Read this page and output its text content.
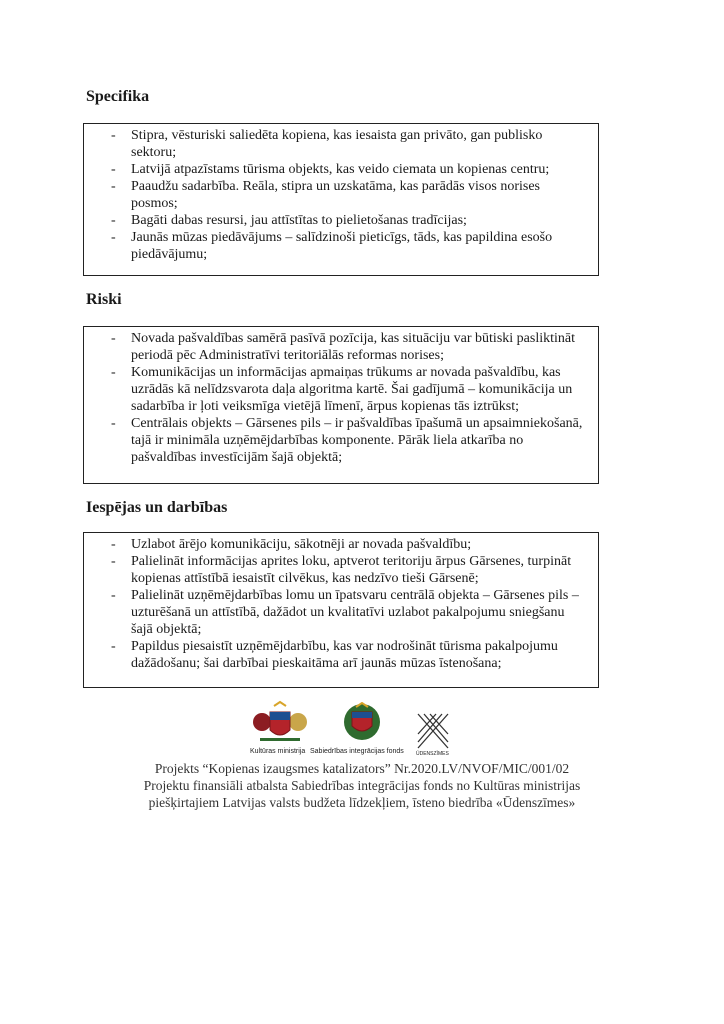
Specifika
- Stipra, vēsturiski saliedēta kopiena, kas iesaista gan privāto, gan publisko sektoru;
- Latvijā atpazīstams tūrisma objekts, kas veido ciemata un kopienas centru;
- Paaudžu sadarbība. Reāla, stipra un uzskatāma, kas parādās visos norises posmos;
- Bagāti dabas resursi, jau attīstītas to pielietošanas tradīcijas;
- Jaunās mūzas piedāvājums – salīdzinoši pieticīgs, tāds, kas papildina esošo piedāvājumu;
Riski
- Novada pašvaldības samērā pasīvā pozīcija, kas situāciju var būtiski pasliktināt periodā pēc Administratīvi teritoriālās reformas norises;
- Komunikācijas un informācijas apmaiņas trūkums ar novada pašvaldību, kas uzrādās kā nelīdzsvarota daļa algoritma kartē. Šai gadījumā – komunikācija un sadarbība ir ļoti veiksmīga vietējā līmenī, ārpus kopienas tās iztrūkst;
- Centrālais objekts – Gārsenes pils – ir pašvaldības īpašumā un apsaimniekošanā, tajā ir minimāla uzņēmējdarbības komponente. Pārāk liela atkarība no pašvaldības investīcijām šajā objektā;
Iespējas un darbības
- Uzlabot ārējo komunikāciju, sākotnēji ar novada pašvaldību;
- Palielināt informācijas aprites loku, aptverot teritoriju ārpus Gārsenes, turpināt kopienas attīstībā iesaistīt cilvēkus, kas nedzīvo tieši Gārsenē;
- Palielināt uzņēmējdarbības lomu un īpatsvaru centrālā objekta – Gārsenes pils – uzturēšanā un attīstībā, dažādot un kvalitatīvi uzlabot pakalpojumu sniegšanu šajā objektā;
- Papildus piesaistīt uzņēmējdarbību, kas var nodrošināt tūrisma pakalpojumu dažādošanu; šai darbībai pieskaitāma arī jaunās mūzas īstenošana;
Kultūras ministrija Sabiedrības integrācijas fonds ŪDENSZĪMES
Projekts “Kopienas izaugsmes katalizators” Nr.2020.LV/NVOF/MIC/001/02
Projektu finansiāli atbalsta Sabiedrības integrācijas fonds no Kultūras ministrijas
piešķirtajiem Latvijas valsts budžeta līdzekļiem, īsteno biedrība «Ūdenszīmes»
